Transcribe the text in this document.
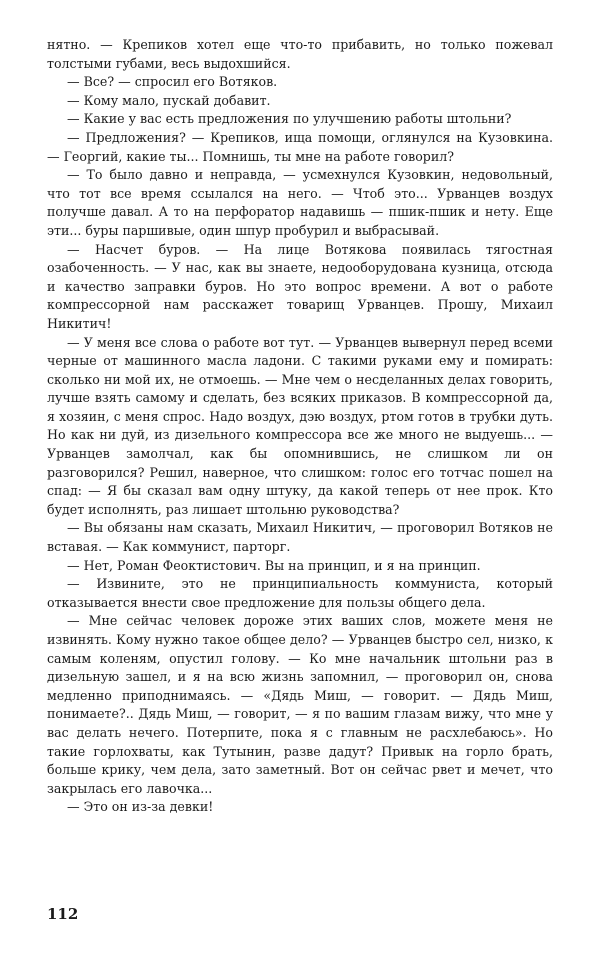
нятно. — Крепиков хотел еще что-то прибавить, но только пожевал толстыми губами, весь выдохшийся.

— Все? — спросил его Вотяков.

— Кому мало, пускай добавит.

— Какие у вас есть предложения по улучшению работы штольни?

— Предложения? — Крепиков, ища помощи, оглянулся на Кузовкина. — Георгий, какие ты... Помнишь, ты мне на работе говорил?

— То было давно и неправда, — усмехнулся Кузовкин, недовольный, что тот все время ссылался на него. — Чтоб это... Урванцев воздух получше давал. А то на перфоратор надавишь — пшик-пшик и нету. Еще эти... буры паршивые, один шпур пробурил и выбрасывай.

— Насчет буров. — На лице Вотякова появилась тягостная озабоченность. — У нас, как вы знаете, недооборудована кузница, отсюда и качество заправки буров. Но это вопрос времени. А вот о работе компрессорной нам расскажет товарищ Урванцев. Прошу, Михаил Никитич!

— У меня все слова о работе вот тут. — Урванцев вывернул перед всеми черные от машинного масла ладони. С такими руками ему и помирать: сколько ни мой их, не отмоешь. — Мне чем о несделанных делах говорить, лучше взять самому и сделать, без всяких приказов. В компрессорной да, я хозяин, с меня спрос. Надо воздух, дэю воздух, ртом готов в трубки дуть. Но как ни дуй, из дизельного компрессора все же много не выдуешь... — Урванцев замолчал, как бы опомнившись, не слишком ли он разговорился? Решил, наверное, что слишком: голос его тотчас пошел на спад: — Я бы сказал вам одну штуку, да какой теперь от нее прок. Кто будет исполнять, раз лишает штольню руководства?

— Вы обязаны нам сказать, Михаил Никитич, — проговорил Вотяков не вставая. — Как коммунист, парторг.

— Нет, Роман Феоктистович. Вы на принцип, и я на принцип.

— Извините, это не принципиальность коммуниста, который отказывается внести свое предложение для пользы общего дела.

— Мне сейчас человек дороже этих ваших слов, можете меня не извинять. Кому нужно такое общее дело? — Урванцев быстро сел, низко, к самым коленям, опустил голову. — Ко мне начальник штольни раз в дизельную зашел, и я на всю жизнь запомнил, — проговорил он, снова медленно приподнимаясь. — «Дядь Миш, — говорит. — Дядь Миш, понимаете?.. Дядь Миш, — говорит, — я по вашим глазам вижу, что мне у вас делать нечего. Потерпите, пока я с главным не расхлебаюсь». Но такие горлохваты, как Тутынин, разве дадут? Привык на горло брать, больше крику, чем дела, зато заметный. Вот он сейчас рвет и мечет, что закрылась его лавочка...

— Это он из-за девки!

112
